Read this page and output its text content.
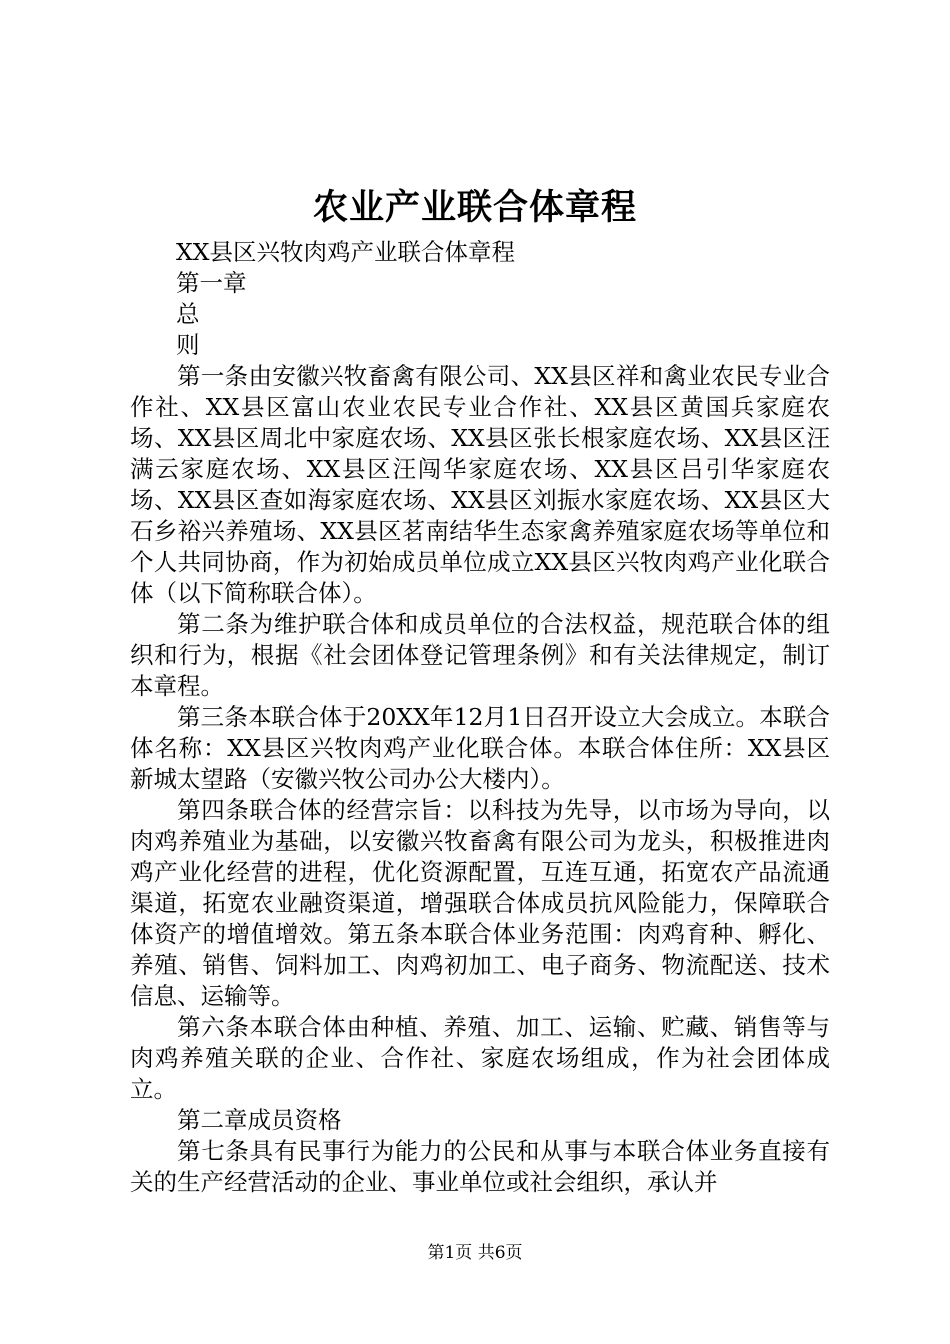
农业产业联合体章程

XX县区兴牧肉鸡产业联合体章程

第一章

总

则

第一条由安徽兴牧畜禽有限公司、XX县区祥和禽业农民专业合作社、XX县区富山农业农民专业合作社、XX县区黄国兵家庭农场、XX县区周北中家庭农场、XX县区张长根家庭农场、XX县区汪满云家庭农场、XX县区汪闯华家庭农场、XX县区吕引华家庭农场、XX县区查如海家庭农场、XX县区刘振水家庭农场、XX县区大石乡裕兴养殖场、XX县区茗南结华生态家禽养殖家庭农场等单位和个人共同协商，作为初始成员单位成立XX县区兴牧肉鸡产业化联合体（以下简称联合体）。

第二条为维护联合体和成员单位的合法权益，规范联合体的组织和行为，根据《社会团体登记管理条例》和有关法律规定，制订本章程。

第三条本联合体于20XX年12月1日召开设立大会成立。本联合体名称：XX县区兴牧肉鸡产业化联合体。本联合体住所：XX县区新城太望路（安徽兴牧公司办公大楼内）。

第四条联合体的经营宗旨：以科技为先导，以市场为导向，以肉鸡养殖业为基础，以安徽兴牧畜禽有限公司为龙头，积极推进肉鸡产业化经营的进程，优化资源配置，互连互通，拓宽农产品流通渠道，拓宽农业融资渠道，增强联合体成员抗风险能力，保障联合体资产的增值增效。第五条本联合体业务范围：肉鸡育种、孵化、养殖、销售、饲料加工、肉鸡初加工、电子商务、物流配送、技术信息、运输等。

第六条本联合体由种植、养殖、加工、运输、贮藏、销售等与肉鸡养殖关联的企业、合作社、家庭农场组成，作为社会团体成立。

第二章成员资格

第七条具有民事行为能力的公民和从事与本联合体业务直接有关的生产经营活动的企业、事业单位或社会组织，承认并

第1页 共6页
